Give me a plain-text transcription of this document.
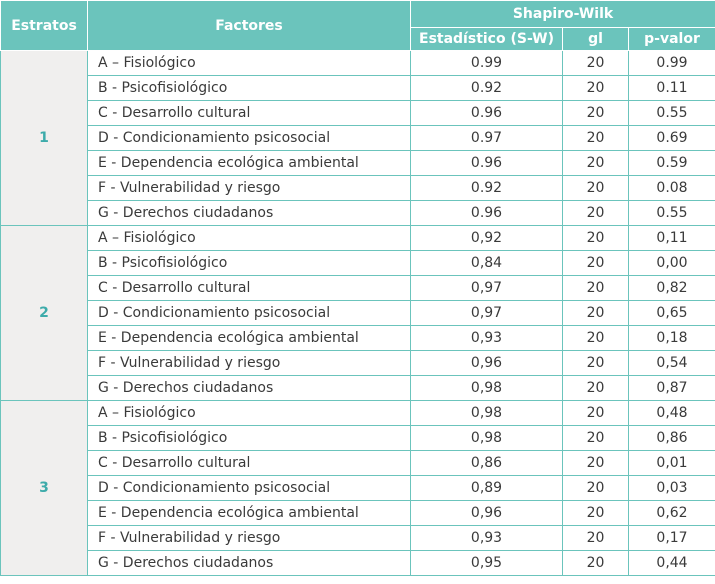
Estratos	Factores	Shapiro-Wilk		
		Estadístico (S-W)	gl	p-valor
1	A – Fisiológico	0.99	20	0.99
	B - Psicofisiológico	0.92	20	0.11
	C - Desarrollo cultural	0.96	20	0.55
	D - Condicionamiento psicosocial	0.97	20	0.69
	E - Dependencia ecológica ambiental	0.96	20	0.59
	F - Vulnerabilidad y riesgo	0.92	20	0.08
	G - Derechos ciudadanos	0.96	20	0.55
2	A – Fisiológico	0,92	20	0,11
	B - Psicofisiológico	0,84	20	0,00
	C - Desarrollo cultural	0,97	20	0,82
	D - Condicionamiento psicosocial	0,97	20	0,65
	E - Dependencia ecológica ambiental	0,93	20	0,18
	F - Vulnerabilidad y riesgo	0,96	20	0,54
	G - Derechos ciudadanos	0,98	20	0,87
3	A – Fisiológico	0,98	20	0,48
	B - Psicofisiológico	0,98	20	0,86
	C - Desarrollo cultural	0,86	20	0,01
	D - Condicionamiento psicosocial	0,89	20	0,03
	E - Dependencia ecológica ambiental	0,96	20	0,62
	F - Vulnerabilidad y riesgo	0,93	20	0,17
	G - Derechos ciudadanos	0,95	20	0,44
